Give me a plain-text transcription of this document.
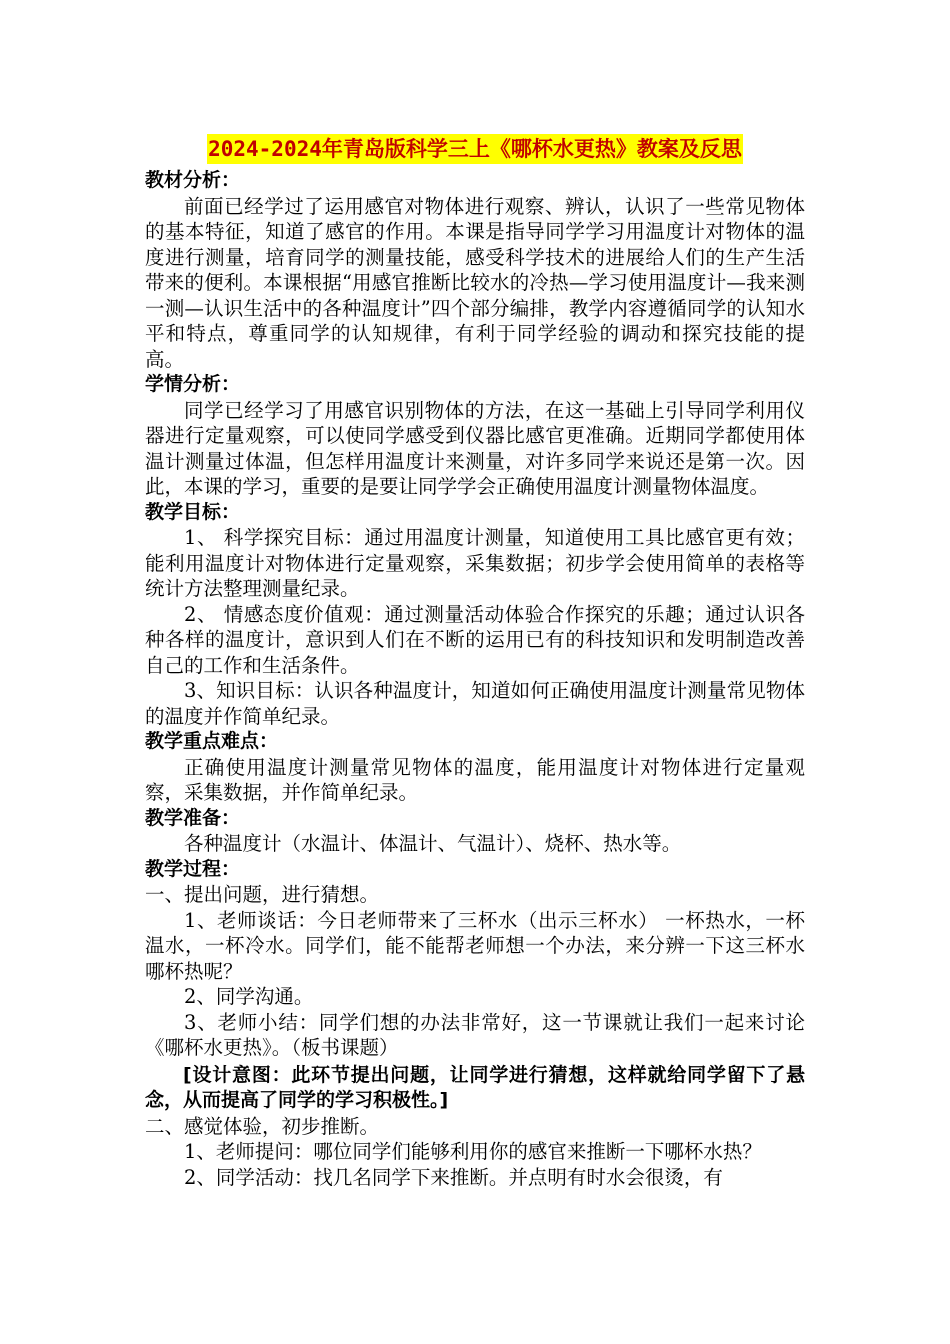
2024-2024年青岛版科学三上《哪杯水更热》教案及反思

教材分析：

前面已经学过了运用感官对物体进行观察、辨认，认识了一些常见物体的基本特征，知道了感官的作用。本课是指导同学学习用温度计对物体的温度进行测量，培育同学的测量技能，感受科学技术的进展给人们的生产生活带来的便利。本课根据“用感官推断比较水的冷热—学习使用温度计—我来测一测—认识生活中的各种温度计”四个部分编排，教学内容遵循同学的认知水平和特点，尊重同学的认知规律，有利于同学经验的调动和探究技能的提高。

学情分析：

同学已经学习了用感官识别物体的方法，在这一基础上引导同学利用仪器进行定量观察，可以使同学感受到仪器比感官更准确。近期同学都使用体温计测量过体温，但怎样用温度计来测量，对许多同学来说还是第一次。因此，本课的学习，重要的是要让同学学会正确使用温度计测量物体温度。

教学目标：

1、 科学探究目标：通过用温度计测量，知道使用工具比感官更有效；能利用温度计对物体进行定量观察，采集数据；初步学会使用简单的表格等统计方法整理测量纪录。

2、 情感态度价值观：通过测量活动体验合作探究的乐趣；通过认识各种各样的温度计，意识到人们在不断的运用已有的科技知识和发明制造改善自己的工作和生活条件。

3、知识目标：认识各种温度计，知道如何正确使用温度计测量常见物体的温度并作简单纪录。

教学重点难点：

正确使用温度计测量常见物体的温度，能用温度计对物体进行定量观察，采集数据，并作简单纪录。

教学准备：

各种温度计（水温计、体温计、气温计）、烧杯、热水等。

教学过程：

一、提出问题，进行猜想。

1、老师谈话：今日老师带来了三杯水（出示三杯水） 一杯热水，一杯温水，一杯冷水。同学们，能不能帮老师想一个办法，来分辨一下这三杯水哪杯热呢？

2、同学沟通。

3、老师小结：同学们想的办法非常好，这一节课就让我们一起来讨论《哪杯水更热》。（板书课题）

[设计意图：此环节提出问题，让同学进行猜想，这样就给同学留下了悬念，从而提高了同学的学习积极性。]

二、感觉体验，初步推断。

1、老师提问：哪位同学们能够利用你的感官来推断一下哪杯水热？

2、同学活动：找几名同学下来推断。并点明有时水会很烫，有
